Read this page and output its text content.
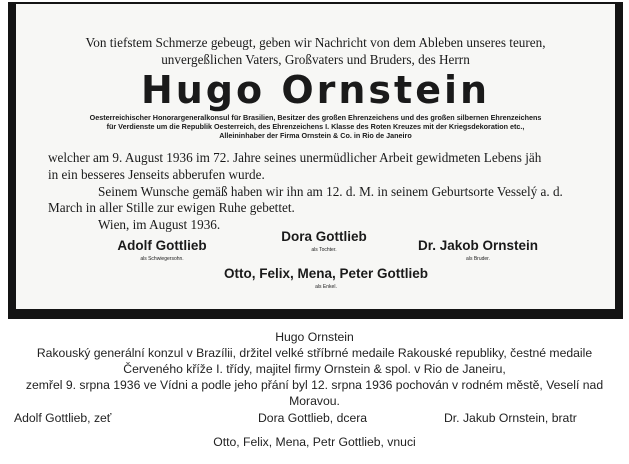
Von tiefstem Schmerze gebeugt, geben wir Nachricht von dem Ableben unseres teuren,
unvergeßlichen Vaters, Großvaters und Bruders, des Herrn
Hugo Ornstein
Oesterreichischer Honorargeneralkonsul für Brasilien, Besitzer des großen Ehrenzeichens und des großen silbernen Ehrenzeichens
für Verdienste um die Republik Oesterreich, des Ehrenzeichens I. Klasse des Roten Kreuzes mit der Kriegsdekoration etc.,
Alleininhaber der Firma Ornstein & Co. in Rio de Janeiro
welcher am 9. August 1936 im 72. Jahre seines unermüdlicher Arbeit gewidmeten Lebens jäh
in ein besseres Jenseits abberufen wurde.
Seinem Wunsche gemäß haben wir ihn am 12. d. M. in seinem Geburtsorte Vesselý a. d.
March in aller Stille zur ewigen Ruhe gebettet.
Wien, im August 1936.
Adolf Gottlieb
als Schwiegersohn.
Dora Gottlieb
als Tochter.	Dr. Jakob Ornstein
als Bruder.
Otto, Felix, Mena, Peter Gottlieb
als Enkel.
Hugo Ornstein
Rakouský generální konzul v Brazílii, držitel velké stříbrné medaile Rakouské republiky, čestné medaile
Červeného kříže I. třídy, majitel firmy Ornstein & spol. v Rio de Janeiru,
zemřel 9. srpna 1936 ve Vídni a podle jeho přání byl 12. srpna 1936 pochován v rodném městě, Veselí nad
Moravou.
Adolf Gottlieb, zeť	Dora Gottlieb, dcera	Dr. Jakub Ornstein, bratr
Otto, Felix, Mena, Petr Gottlieb, vnuci
